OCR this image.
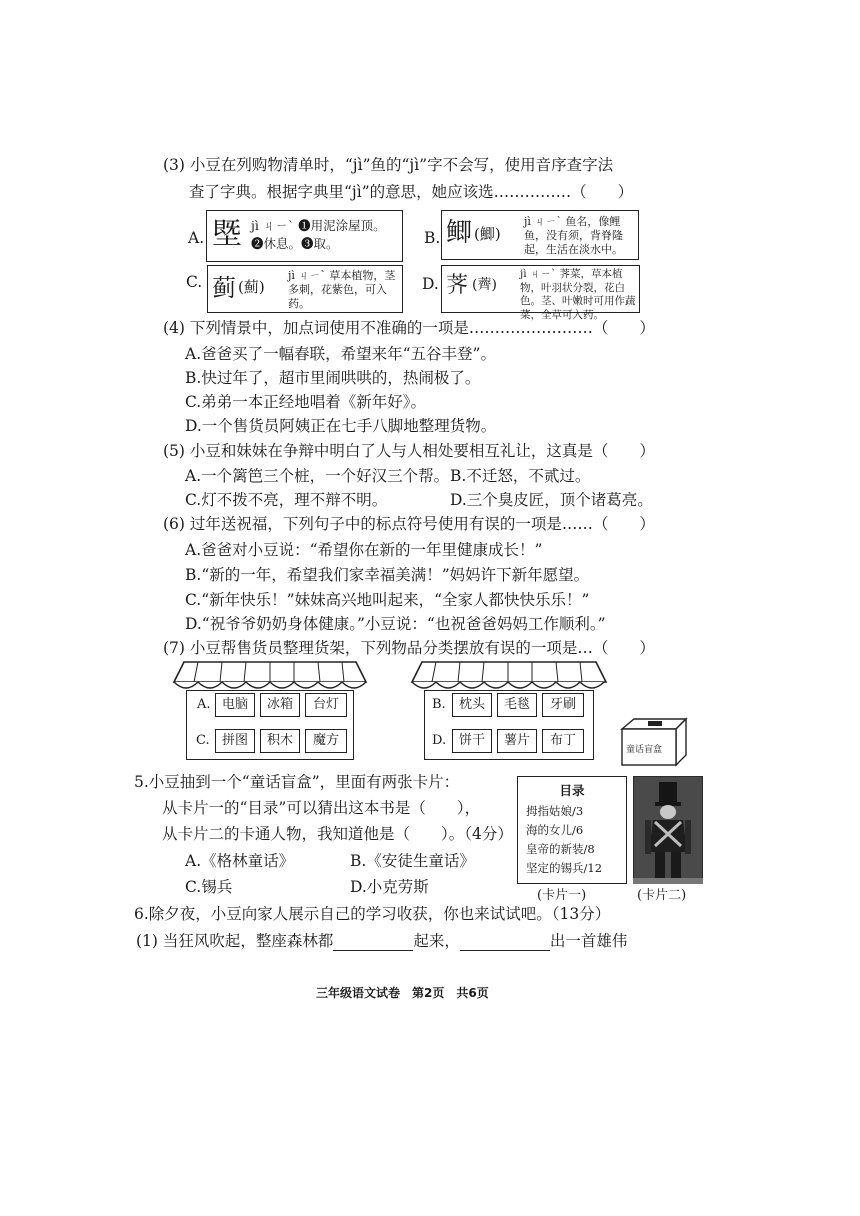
(3) 小豆在列购物清单时，“jì”鱼的“jì”字不会写，使用音序查字法
查了字典。根据字典里“jì”的意思，她应该选……………（　　）
A. 塈 jì ㄐㄧˋ ❶用泥涂屋顶。❷休息。❸取。	B. 鲫 (鯽)
jì ㄐㄧˋ 鱼名，像鲤鱼，没有须，背脊隆起，生活在淡水中。
C. 蓟 (薊)
jì ㄐㄧˋ 草本植物，茎多刺，花紫色，可入药。
D. 荠 (薺)
jì ㄐㄧˋ 荠菜，草本植物，叶羽状分裂，花白色。茎、叶嫩时可用作蔬菜，全草可入药。
(4) 下列情景中，加点词使用不准确的一项是……………………（　　）
A.爸爸买了一幅春联，希望来年“五谷丰登”。
B.快过年了，超市里闹哄哄的，热闹极了。
C.弟弟一本正经地唱着《新年好》。
D.一个售货员阿姨正在七手八脚地整理货物。
(5) 小豆和妹妹在争辩中明白了人与人相处要相互礼让，这真是（　　）
A.一个篱笆三个桩，一个好汉三个帮。 B.不迁怒，不贰过。
C.灯不拨不亮，理不辩不明。	D.三个臭皮匠，顶个诸葛亮。
(6) 过年送祝福，下列句子中的标点符号使用有误的一项是……（　　）
A.爸爸对小豆说：“希望你在新的一年里健康成长！”
B.“新的一年，希望我们家幸福美满！”妈妈许下新年愿望。
C.“新年快乐！”妹妹高兴地叫起来，“全家人都快快乐乐！”
D.“祝爷爷奶奶身体健康。”小豆说：“也祝爸爸妈妈工作顺利。”
(7) 小豆帮售货员整理货架，下列物品分类摆放有误的一项是…（　　）
A. 电脑	冰箱	台灯
C. 拼图	积木	魔方
B.	枕头	毛毯	牙刷
D. 饼干	薯片	布丁
童话盲盒
5.小豆抽到一个“童话盲盒”，里面有两张卡片：
从卡片一的“目录”可以猜出这本书是（　　），
从卡片二的卡通人物，我知道他是（　　）。（4分）
A.《格林童话》	B.《安徒生童话》
C.锡兵	D.小克劳斯
目录
拇指姑娘/3
海的女儿/6
皇帝的新装/8
坚定的锡兵/12
(卡片一)	(卡片二)
6.除夕夜，小豆向家人展示自己的学习收获，你也来试试吧。（13分）
(1) 当狂风吹起，整座森林都	起来，	出一首雄伟
三年级语文试卷　第2页　共6页
